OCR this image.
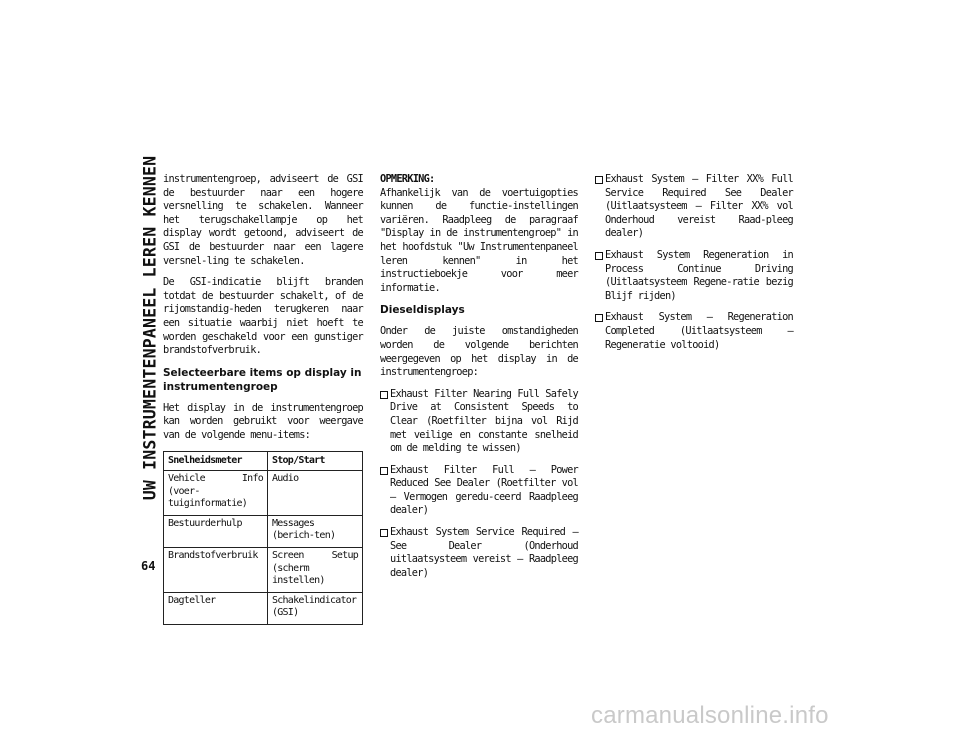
UW INSTRUMENTENPANEEL LEREN KENNEN
64

instrumentengroep, adviseert de GSI de bestuurder naar een hogere versnelling te schakelen. Wanneer het terugschakellampje op het display wordt getoond, adviseert de GSI de bestuurder naar een lagere versnel-ling te schakelen.

De GSI-indicatie blijft branden totdat de bestuurder schakelt, of de rijomstandig-heden terugkeren naar een situatie waarbij niet hoeft te worden geschakeld voor een gunstiger brandstofverbruik.

Selecteerbare items op display in instrumentengroep

Het display in de instrumentengroep kan worden gebruikt voor weergave van de volgende menu-items:

Snelheidsmeter	Stop/Start
Vehicle Info (voer-tuiginformatie)	Audio
Bestuurderhulp	Messages (berich-ten)
Brandstofverbruik	Screen Setup (scherm instellen)
Dagteller	Schakelindicator (GSI)
OPMERKING:

Afhankelijk van de voertuigopties kunnen de functie-instellingen variëren. Raadpleeg de paragraaf "Display in de instrumentengroep" in het hoofdstuk "Uw Instrumentenpaneel leren kennen" in het instructieboekje voor meer informatie.

Dieseldisplays

Onder de juiste omstandigheden worden de volgende berichten weergegeven op het display in de instrumentengroep:

Exhaust Filter Nearing Full Safely Drive at Consistent Speeds to Clear (Roetfilter bijna vol Rijd met veilige en constante snelheid om de melding te wissen)
Exhaust Filter Full – Power Reduced See Dealer (Roetfilter vol – Vermogen geredu-ceerd Raadpleeg dealer)
Exhaust System Service Required – See Dealer (Onderhoud uitlaatsysteem vereist – Raadpleeg dealer)
Exhaust System – Filter XX% Full Service Required See Dealer (Uitlaatsysteem – Filter XX% vol Onderhoud vereist Raad-pleeg dealer)
Exhaust System Regeneration in Process Continue Driving (Uitlaatsysteem Regene-ratie bezig Blijf rijden)
Exhaust System – Regeneration Completed (Uitlaatsysteem – Regeneratie voltooid)
carmanualsonline.info
